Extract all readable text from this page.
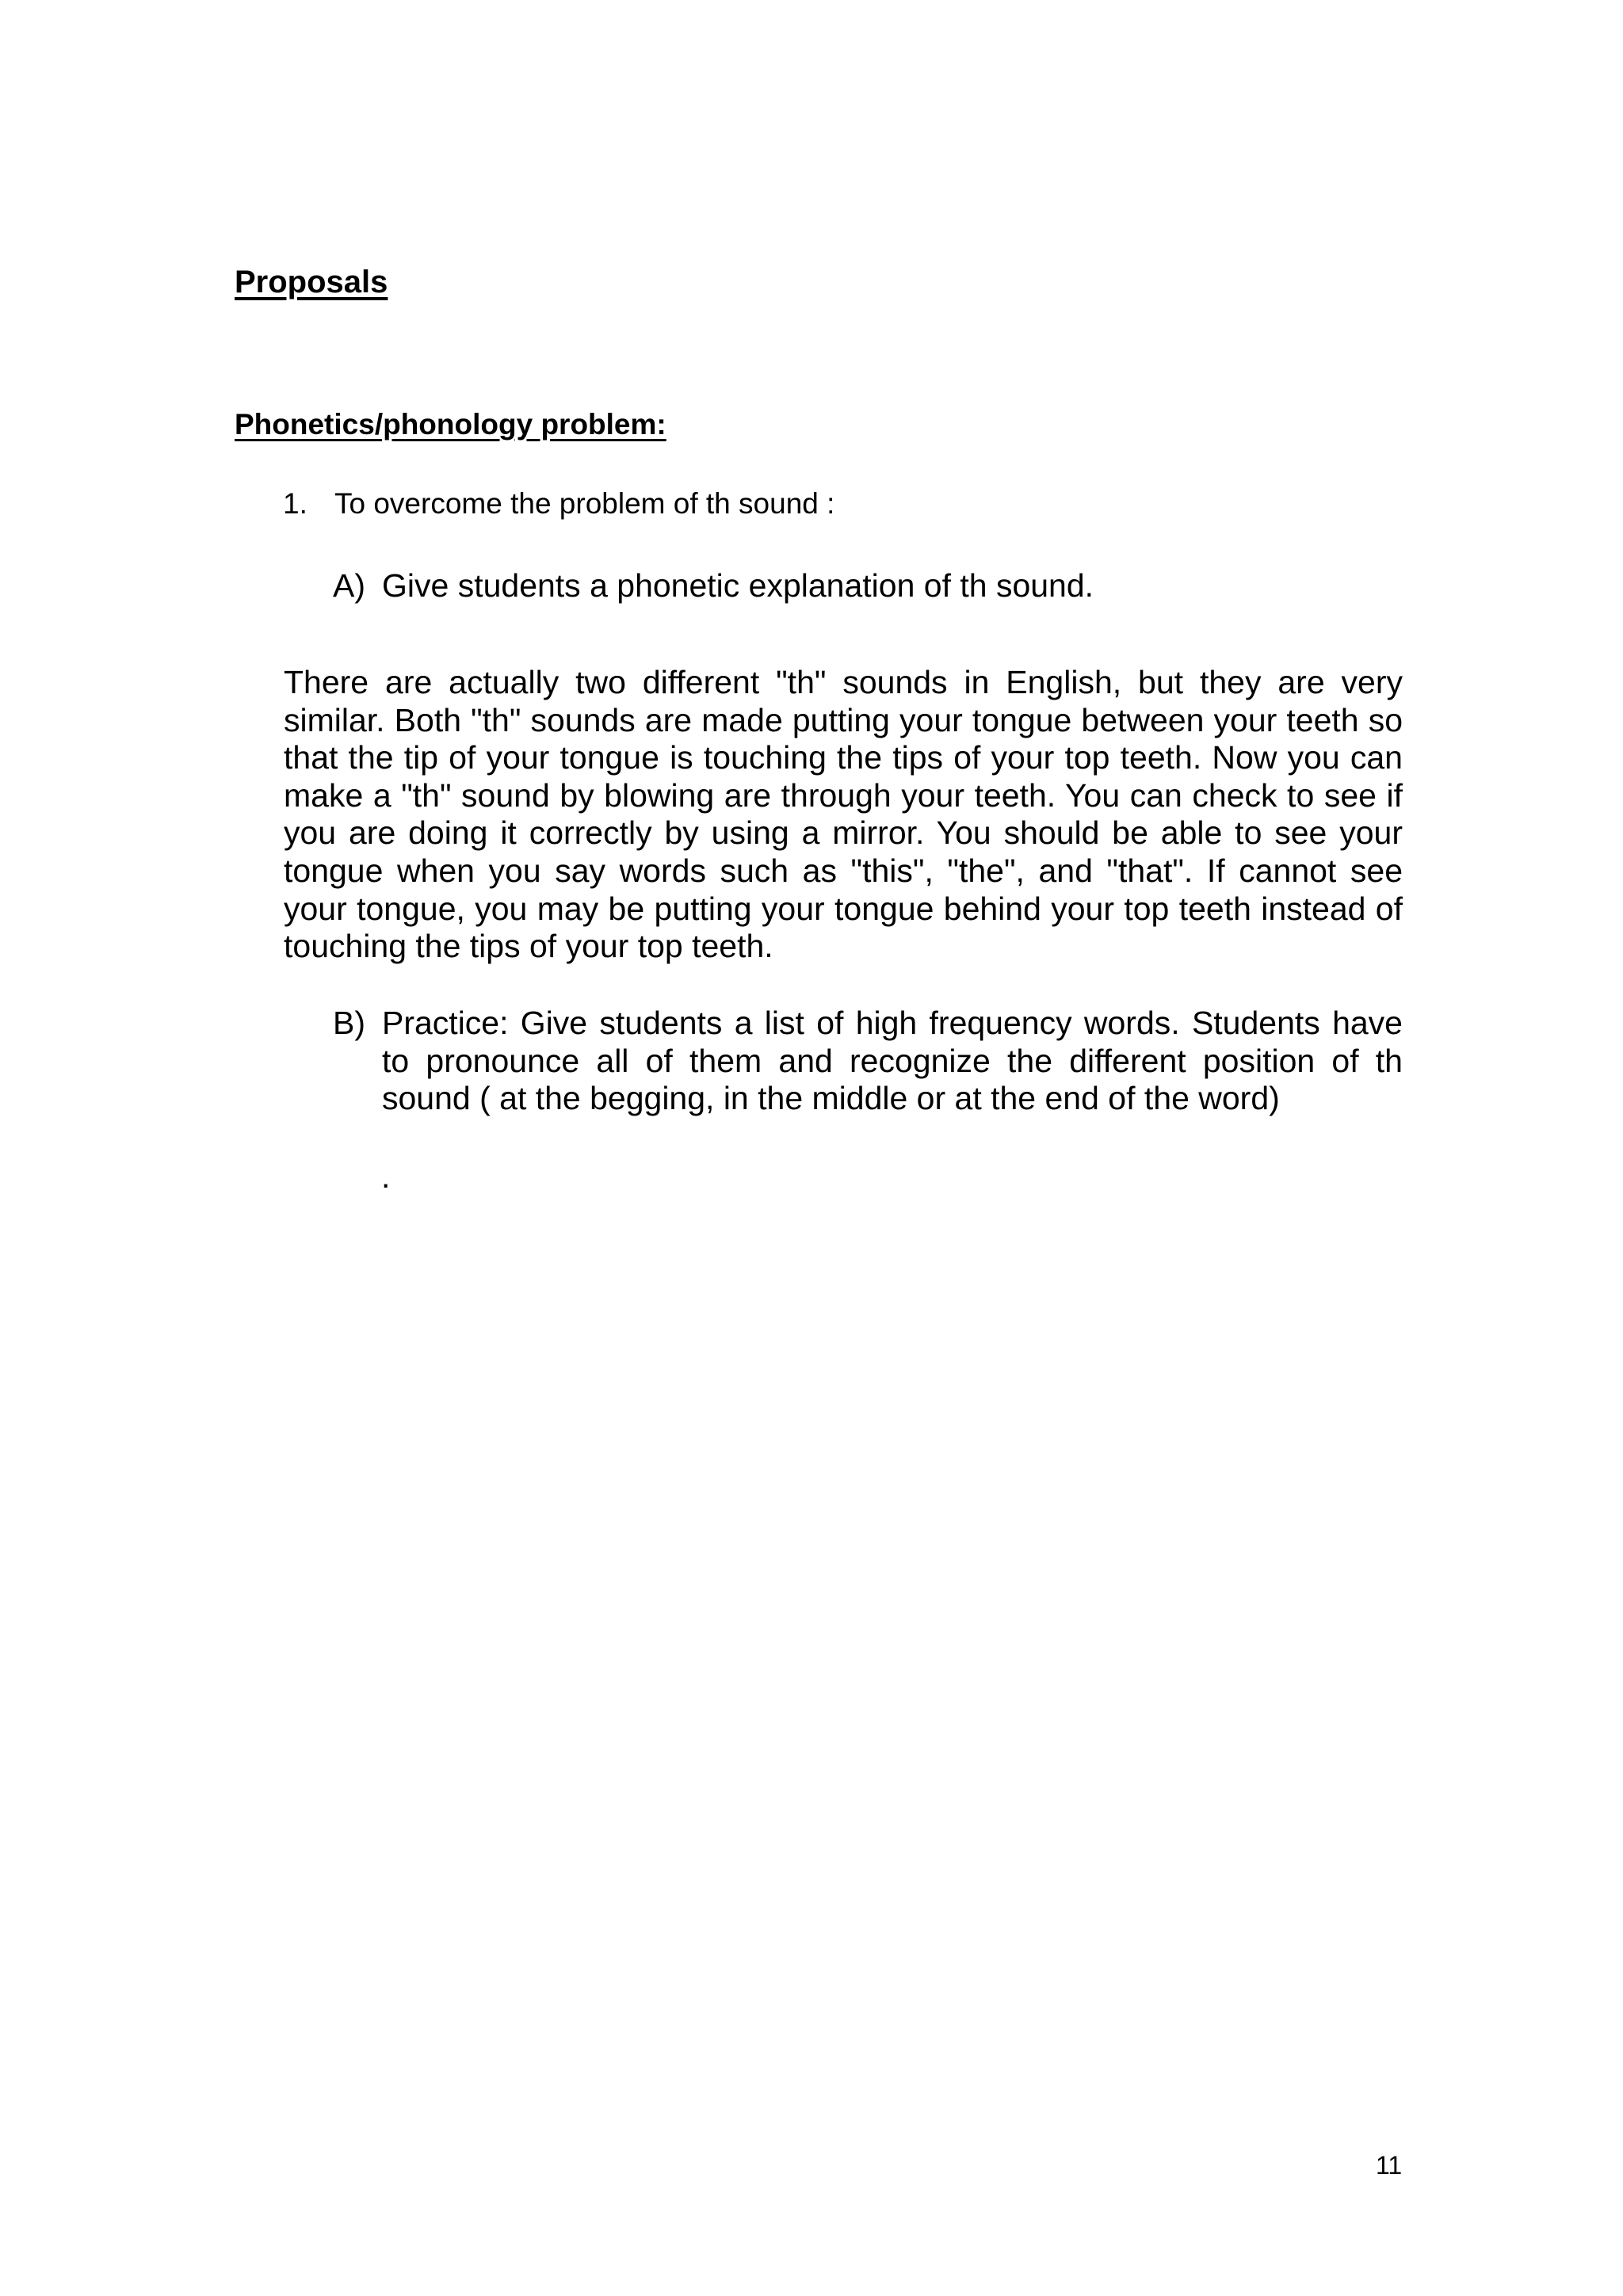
Proposals
Phonetics/phonology problem:
1. To overcome the problem of th sound :
A) Give students a phonetic explanation of th sound.

There are actually two different "th" sounds in English, but they are very similar. Both "th" sounds are made putting your tongue between your teeth so that the tip of your tongue is touching the tips of your top teeth. Now you can make a "th" sound by blowing are through your teeth. You can check to see if you are doing it correctly by using a mirror. You should be able to see your tongue when you say words such as "this", "the", and "that". If cannot see your tongue, you may be putting your tongue behind your top teeth instead of touching the tips of your top teeth.

B) Practice: Give students a list of high frequency words. Students have to pronounce all of them and recognize the different position of th sound ( at the begging, in the middle or at the end of the word)
.
11
